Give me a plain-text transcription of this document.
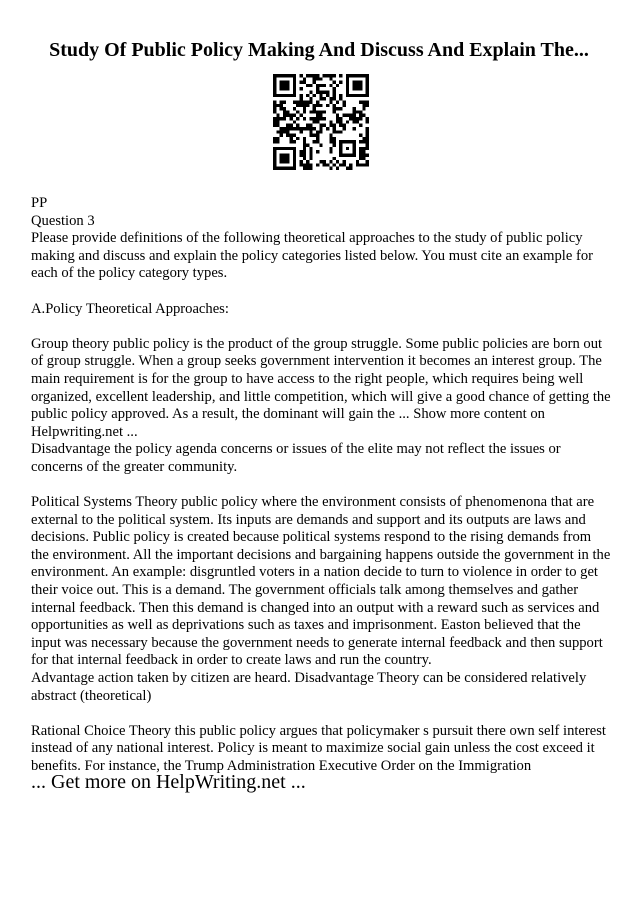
Study Of Public Policy Making And Discuss And Explain The...

PP

Question 3

Please provide definitions of the following theoretical approaches to the study of public policy making and discuss and explain the policy categories listed below. You must cite an example for each of the policy category types.

A.Policy Theoretical Approaches:

Group theory public policy is the product of the group struggle. Some public policies are born out of group struggle. When a group seeks government intervention it becomes an interest group. The main requirement is for the group to have access to the right people, which requires being well organized, excellent leadership, and little competition, which will give a good chance of getting the public policy approved. As a result, the dominant will gain the ... Show more content on Helpwriting.net ...

Disadvantage the policy agenda concerns or issues of the elite may not reflect the issues or concerns of the greater community.

Political Systems Theory public policy where the environment consists of phenomenona that are external to the political system. Its inputs are demands and support and its outputs are laws and decisions. Public policy is created because political systems respond to the rising demands from the environment. All the important decisions and bargaining happens outside the government in the environment. An example: disgruntled voters in a nation decide to turn to violence in order to get their voice out. This is a demand. The government officials talk among themselves and gather internal feedback. Then this demand is changed into an output with a reward such as services and opportunities as well as deprivations such as taxes and imprisonment. Easton believed that the input was necessary because the government needs to generate internal feedback and then support for that internal feedback in order to create laws and run the country.

Advantage action taken by citizen are heard. Disadvantage Theory can be considered relatively abstract (theoretical)

Rational Choice Theory this public policy argues that policymaker s pursuit there own self interest instead of any national interest. Policy is meant to maximize social gain unless the cost exceed it benefits. For instance, the Trump Administration Executive Order on the Immigration

... Get more on HelpWriting.net ...
